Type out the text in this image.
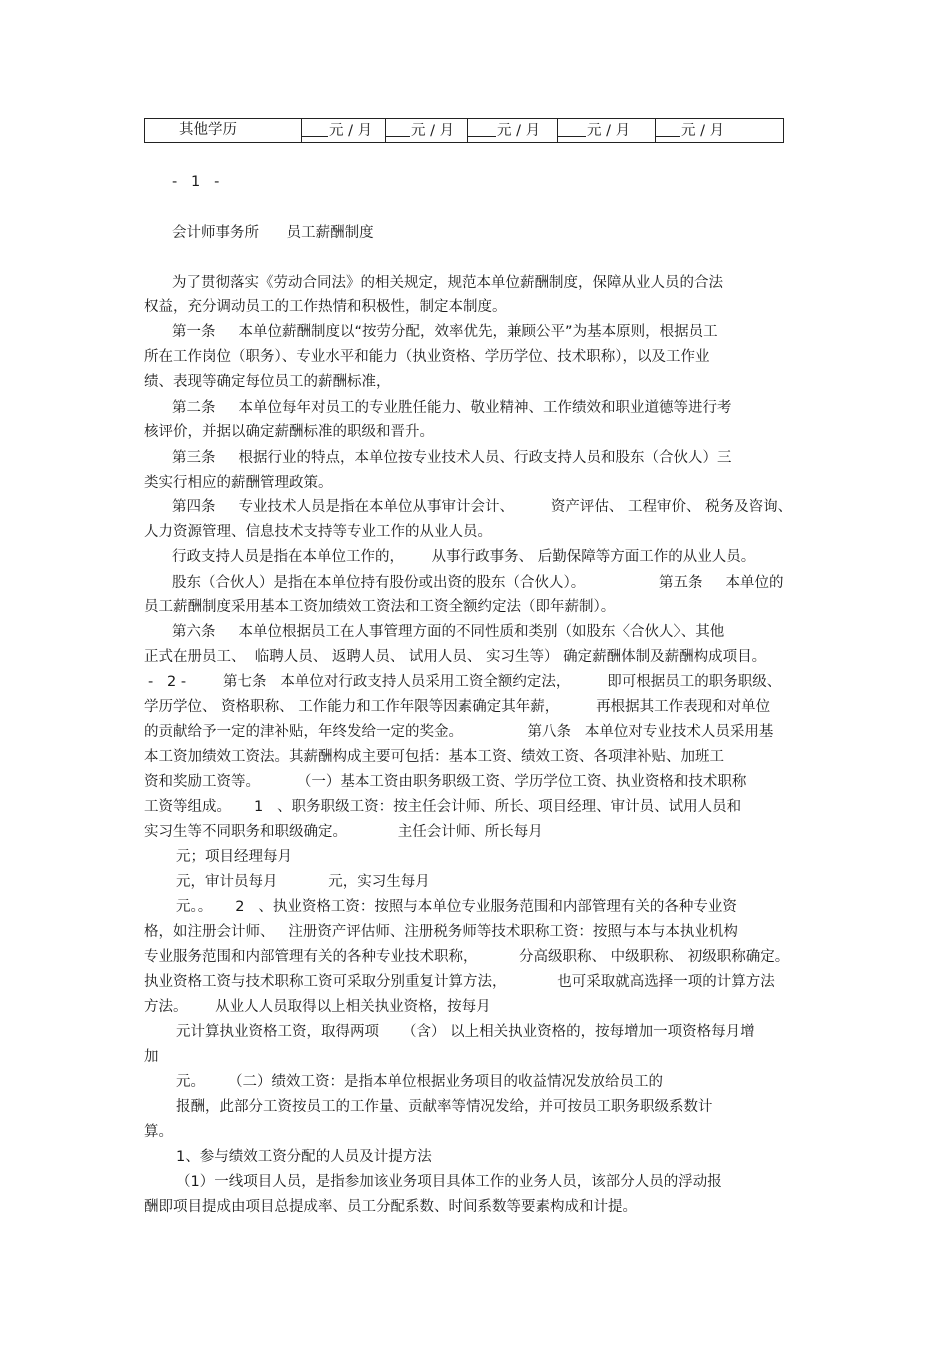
其他学历	元 / 月	元 / 月	元 / 月	元 / 月	元 / 月
-   1   -
会计师事务所      员工薪酬制度
为了贯彻落实《劳动合同法》的相关规定，规范本单位薪酬制度，保障从业人员的合法
权益，充分调动员工的工作热情和积极性，制定本制度。
第一条     本单位薪酬制度以“按劳分配，效率优先，兼顾公平”为基本原则，根据员工
所在工作岗位（职务）、专业水平和能力（执业资格、学历学位、技术职称），以及工作业
绩、表现等确定每位员工的薪酬标准，
第二条     本单位每年对员工的专业胜任能力、敬业精神、工作绩效和职业道德等进行考
核评价，并据以确定薪酬标准的职级和晋升。
第三条     根据行业的特点，本单位按专业技术人员、行政支持人员和股东（合伙人）三
类实行相应的薪酬管理政策。
第四条     专业技术人员是指在本单位从事审计会计、        资产评估、 工程审价、 税务及咨询、
人力资源管理、信息技术支持等专业工作的从业人员。
行政支持人员是指在本单位工作的，      从事行政事务、 后勤保障等方面工作的从业人员。
股东（合伙人）是指在本单位持有股份或出资的股东（合伙人）。                第五条     本单位的
员工薪酬制度采用基本工资加绩效工资法和工资全额约定法（即年薪制）。
第六条     本单位根据员工在人事管理方面的不同性质和类别（如股东〈合伙人〉、其他
正式在册员工、  临聘人员、 返聘人员、 试用人员、 实习生等） 确定薪酬体制及薪酬构成项目。
-   2 -        第七条   本单位对行政支持人员采用工资全额约定法，        即可根据员工的职务职级、
学历学位、 资格职称、 工作能力和工作年限等因素确定其年薪，        再根据其工作表现和对单位
的贡献给予一定的津补贴，年终发给一定的奖金。              第八条   本单位对专业技术人员采用基
本工资加绩效工资法。其薪酬构成主要可包括：基本工资、绩效工资、各项津补贴、加班工
资和奖励工资等。        （一）基本工资由职务职级工资、学历学位工资、执业资格和技术职称
工资等组成。     1   、职务职级工资：按主任会计师、所长、项目经理、审计员、试用人员和
实习生等不同职务和职级确定。           主任会计师、所长每月
元；项目经理每月
元，审计员每月           元，实习生每月
元。。     2   、执业资格工资：按照与本单位专业服务范围和内部管理有关的各种专业资
格，如注册会计师、   注册资产评估师、注册税务师等技术职称工资：按照与本与本执业机构
专业服务范围和内部管理有关的各种专业技术职称，         分高级职称、 中级职称、 初级职称确定。
执业资格工资与技术职称工资可采取分别重复计算方法，           也可采取就高选择一项的计算方法
方法。      从业人人员取得以上相关执业资格，按每月
元计算执业资格工资，取得两项     （含） 以上相关执业资格的，按每增加一项资格每月增
加
元。     （二）绩效工资：是指本单位根据业务项目的收益情况发放给员工的
报酬，此部分工资按员工的工作量、贡献率等情况发给，并可按员工职务职级系数计
算。
1、参与绩效工资分配的人员及计提方法
（1）一线项目人员，是指参加该业务项目具体工作的业务人员，该部分人员的浮动报
酬即项目提成由项目总提成率、员工分配系数、时间系数等要素构成和计提。
